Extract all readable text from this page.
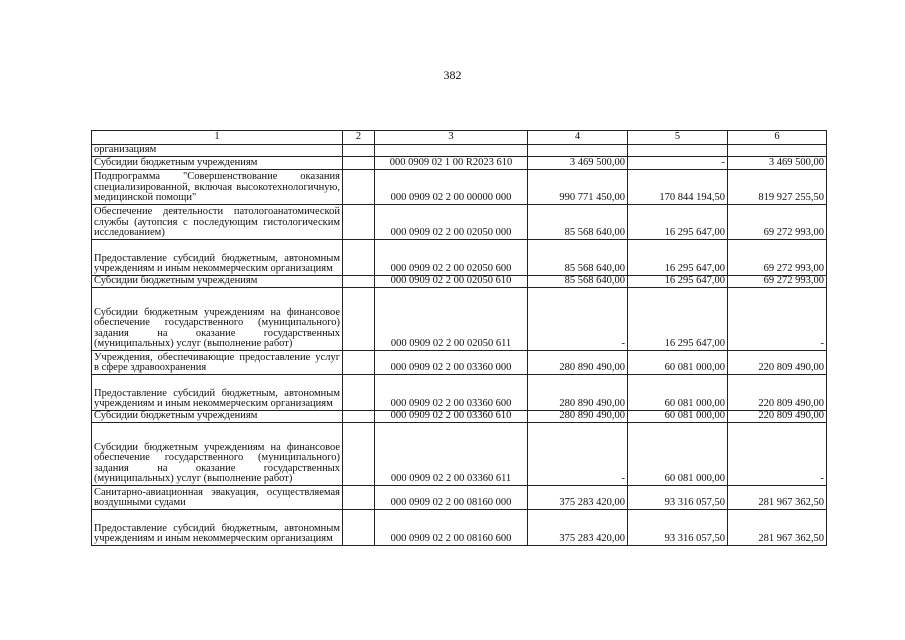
382
1	2	3	4	5	6
организациям					
Субсидии бюджетным учреждениям		000 0909 02 1 00 R2023 610	3 469 500,00	-	3 469 500,00
Подпрограмма "Совершенствование оказания специализированной, включая высокотехнологичную, медицинской помощи"		000 0909 02 2 00 00000 000	990 771 450,00	170 844 194,50	819 927 255,50
Обеспечение деятельности патологоанатомической службы (аутопсия с последующим гистологическим исследованием)		000 0909 02 2 00 02050 000	85 568 640,00	16 295 647,00	69 272 993,00
Предоставление субсидий бюджетным, автономным учреждениям и иным некоммерческим организациям		000 0909 02 2 00 02050 600	85 568 640,00	16 295 647,00	69 272 993,00
Субсидии бюджетным учреждениям		000 0909 02 2 00 02050 610	85 568 640,00	16 295 647,00	69 272 993,00
Субсидии бюджетным учреждениям на финансовое обеспечение государственного (муниципального) задания на оказание государственных (муниципальных) услуг (выполнение работ)		000 0909 02 2 00 02050 611	-	16 295 647,00	-
Учреждения, обеспечивающие предоставление услуг в сфере здравоохранения		000 0909 02 2 00 03360 000	280 890 490,00	60 081 000,00	220 809 490,00
Предоставление субсидий бюджетным, автономным учреждениям и иным некоммерческим организациям		000 0909 02 2 00 03360 600	280 890 490,00	60 081 000,00	220 809 490,00
Субсидии бюджетным учреждениям		000 0909 02 2 00 03360 610	280 890 490,00	60 081 000,00	220 809 490,00
Субсидии бюджетным учреждениям на финансовое обеспечение государственного (муниципального) задания на оказание государственных (муниципальных) услуг (выполнение работ)		000 0909 02 2 00 03360 611	-	60 081 000,00	-
Санитарно-авиационная эвакуация, осуществляемая воздушными судами		000 0909 02 2 00 08160 000	375 283 420,00	93 316 057,50	281 967 362,50
Предоставление субсидий бюджетным, автономным учреждениям и иным некоммерческим организациям		000 0909 02 2 00 08160 600	375 283 420,00	93 316 057,50	281 967 362,50
